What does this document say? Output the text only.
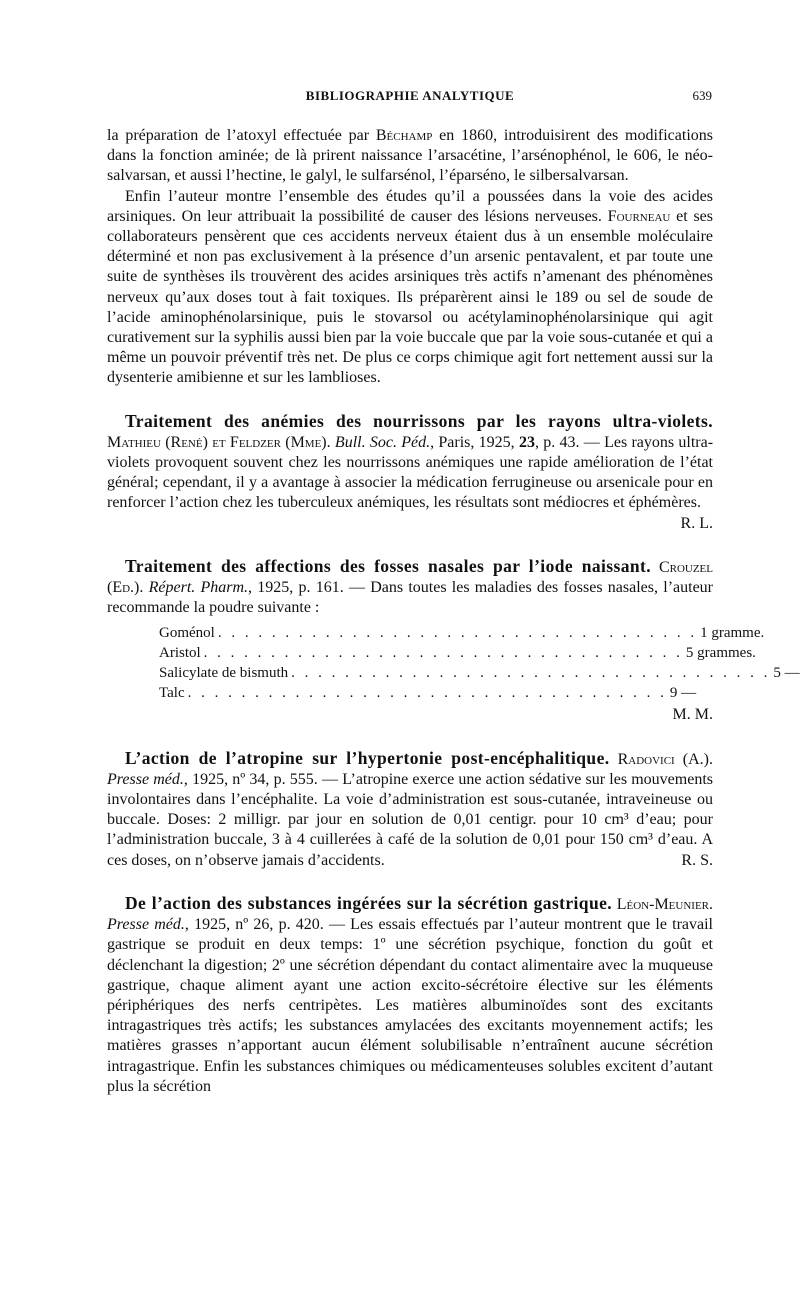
BIBLIOGRAPHIE ANALYTIQUE	639

la préparation de l’atoxyl effectuée par Béchamp en 1860, introduisirent des modifications dans la fonction aminée; de là prirent naissance l’arsacétine, l’arsénophénol, le 606, le néo-salvarsan, et aussi l’hectine, le galyl, le sulfarsénol, l’éparséno, le silbersalvarsan.

Enfin l’auteur montre l’ensemble des études qu’il a poussées dans la voie des acides arsiniques. On leur attribuait la possibilité de causer des lésions nerveuses. Fourneau et ses collaborateurs pensèrent que ces accidents nerveux étaient dus à un ensemble moléculaire déterminé et non pas exclusivement à la présence d’un arsenic pentavalent, et par toute une suite de synthèses ils trouvèrent des acides arsiniques très actifs n’amenant des phénomènes nerveux qu’aux doses tout à fait toxiques. Ils préparèrent ainsi le 189 ou sel de soude de l’acide aminophénolarsinique, puis le stovarsol ou acétylaminophénolarsinique qui agit curativement sur la syphilis aussi bien par la voie buccale que par la voie sous-cutanée et qui a même un pouvoir préventif très net. De plus ce corps chimique agit fort nettement aussi sur la dysenterie amibienne et sur les lamblioses.

Traitement des anémies des nourrissons par les rayons ultra-violets. Mathieu (René) et Feldzer (Mme). Bull. Soc. Péd., Paris, 1925, 23, p. 43. — Les rayons ultra-violets provoquent souvent chez les nourrissons anémiques une rapide amélioration de l’état général; cependant, il y a avantage à associer la médication ferrugineuse ou arsenicale pour en renforcer l’action chez les tuberculeux anémiques, les résultats sont médiocres et éphémères.
R. L.

Traitement des affections des fosses nasales par l’iode naissant. Crouzel (Ed.). Répert. Pharm., 1925, p. 161. — Dans toutes les maladies des fosses nasales, l’auteur recommande la poudre suivante :

Goménol . . . . . . . . . . . . . . . . . . . . . . . . . . . . . . . . . . . . 1 gramme.
Aristol . . . . . . . . . . . . . . . . . . . . . . . . . . . . . . . . . . . . 5 grammes.
Salicylate de bismuth . . . . . . . . . . . . . . . . . . . . . . . . . . . . . . . . . . . . 5 —
Talc . . . . . . . . . . . . . . . . . . . . . . . . . . . . . . . . . . . . 9 —
M. M.

L’action de l’atropine sur l’hypertonie post-encéphalitique. Radovici (A.). Presse méd., 1925, nº 34, p. 555. — L’atropine exerce une action sédative sur les mouvements involontaires dans l’encéphalite. La voie d’administration est sous-cutanée, intraveineuse ou buccale. Doses: 2 milligr. par jour en solution de 0,01 centigr. pour 10 cm³ d’eau; pour l’administration buccale, 3 à 4 cuillerées à café de la solution de 0,01 pour 150 cm³ d’eau. A ces doses, on n’observe jamais d’accidents.	R. S.

De l’action des substances ingérées sur la sécrétion gastrique. Léon-Meunier. Presse méd., 1925, nº 26, p. 420. — Les essais effectués par l’auteur montrent que le travail gastrique se produit en deux temps: 1º une sécrétion psychique, fonction du goût et déclenchant la digestion; 2º une sécrétion dépendant du contact alimentaire avec la muqueuse gastrique, chaque aliment ayant une action excito-sécrétoire élective sur les éléments périphériques des nerfs centripètes. Les matières albuminoïdes sont des excitants intragastriques très actifs; les substances amylacées des excitants moyennement actifs; les matières grasses n’apportant aucun élément solubilisable n’entraînent aucune sécrétion intragastrique. Enfin les substances chimiques ou médicamenteuses solubles excitent d’autant plus la sécrétion
